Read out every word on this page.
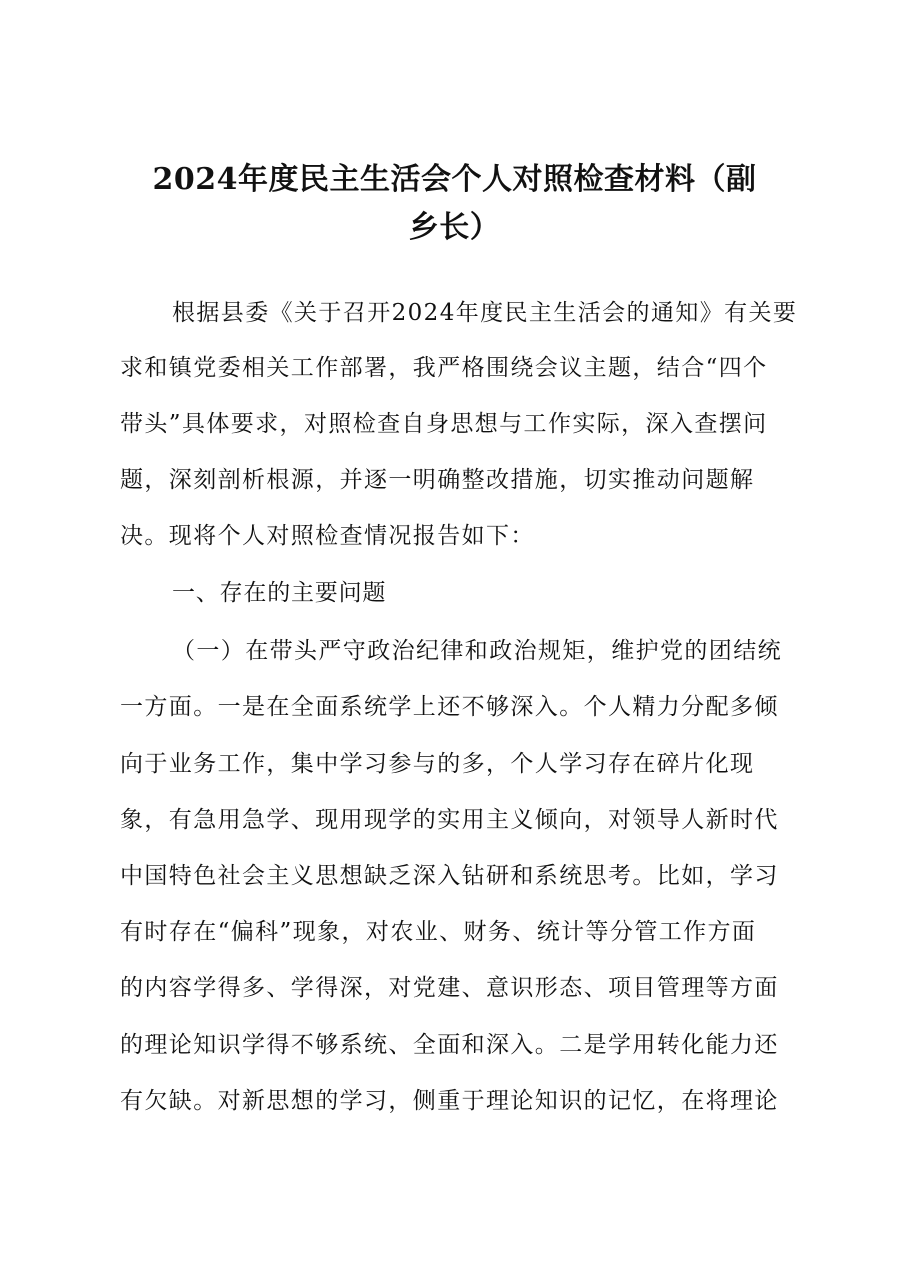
2024年度民主生活会个人对照检查材料（副
乡长）
根据县委《关于召开2024年度民主生活会的通知》有关要
求和镇党委相关工作部署，我严格围绕会议主题，结合“四个
带头”具体要求，对照检查自身思想与工作实际，深入查摆问
题，深刻剖析根源，并逐一明确整改措施，切实推动问题解
决。现将个人对照检查情况报告如下：
一、存在的主要问题
（一）在带头严守政治纪律和政治规矩，维护党的团结统
一方面。一是在全面系统学上还不够深入。个人精力分配多倾
向于业务工作，集中学习参与的多，个人学习存在碎片化现
象，有急用急学、现用现学的实用主义倾向，对领导人新时代
中国特色社会主义思想缺乏深入钻研和系统思考。比如，学习
有时存在“偏科”现象，对农业、财务、统计等分管工作方面
的内容学得多、学得深，对党建、意识形态、项目管理等方面
的理论知识学得不够系统、全面和深入。二是学用转化能力还
有欠缺。对新思想的学习，侧重于理论知识的记忆，在将理论
